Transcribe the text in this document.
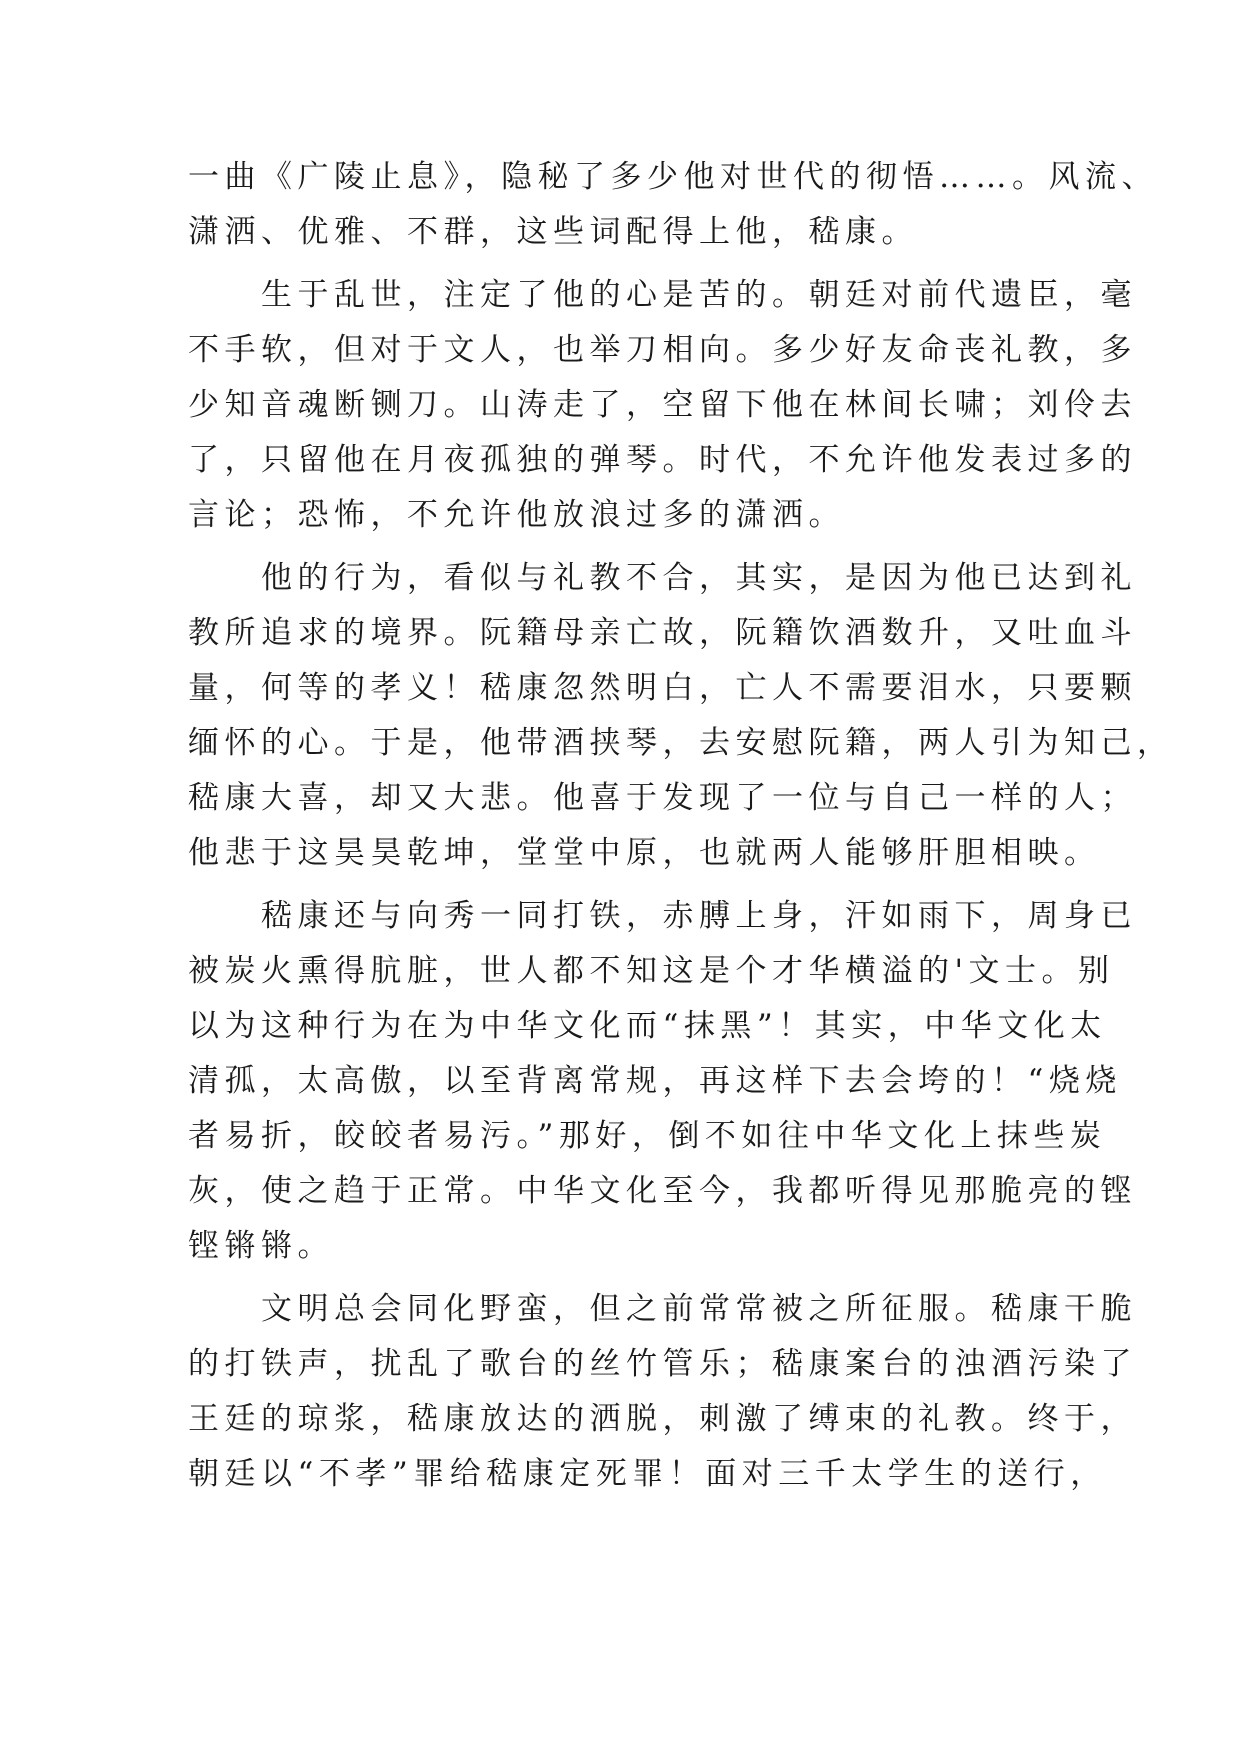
一曲《广陵止息》，隐秘了多少他对世代的彻悟……。风流、
潇洒、优雅、不群，这些词配得上他，嵇康。
　　生于乱世，注定了他的心是苦的。朝廷对前代遗臣，毫
不手软，但对于文人，也举刀相向。多少好友命丧礼教，多
少知音魂断铡刀。山涛走了，空留下他在林间长啸；刘伶去
了，只留他在月夜孤独的弹琴。时代，不允许他发表过多的
言论；恐怖，不允许他放浪过多的潇洒。
　　他的行为，看似与礼教不合，其实，是因为他已达到礼
教所追求的境界。阮籍母亲亡故，阮籍饮酒数升，又吐血斗
量，何等的孝义！嵇康忽然明白，亡人不需要泪水，只要颗
缅怀的心。于是，他带酒挟琴，去安慰阮籍，两人引为知己，
嵇康大喜，却又大悲。他喜于发现了一位与自己一样的人；
他悲于这昊昊乾坤，堂堂中原，也就两人能够肝胆相映。
　　嵇康还与向秀一同打铁，赤膊上身，汗如雨下，周身已
被炭火熏得肮脏，世人都不知这是个才华横溢的'文士。别
以为这种行为在为中华文化而“抹黑”！其实，中华文化太
清孤，太高傲，以至背离常规，再这样下去会垮的！“烧烧
者易折，皎皎者易污。”那好，倒不如往中华文化上抹些炭
灰，使之趋于正常。中华文化至今，我都听得见那脆亮的铿
铿锵锵。
　　文明总会同化野蛮，但之前常常被之所征服。嵇康干脆
的打铁声，扰乱了歌台的丝竹管乐；嵇康案台的浊酒污染了
王廷的琼浆，嵇康放达的洒脱，刺激了缚束的礼教。终于，
朝廷以“不孝”罪给嵇康定死罪！面对三千太学生的送行，
